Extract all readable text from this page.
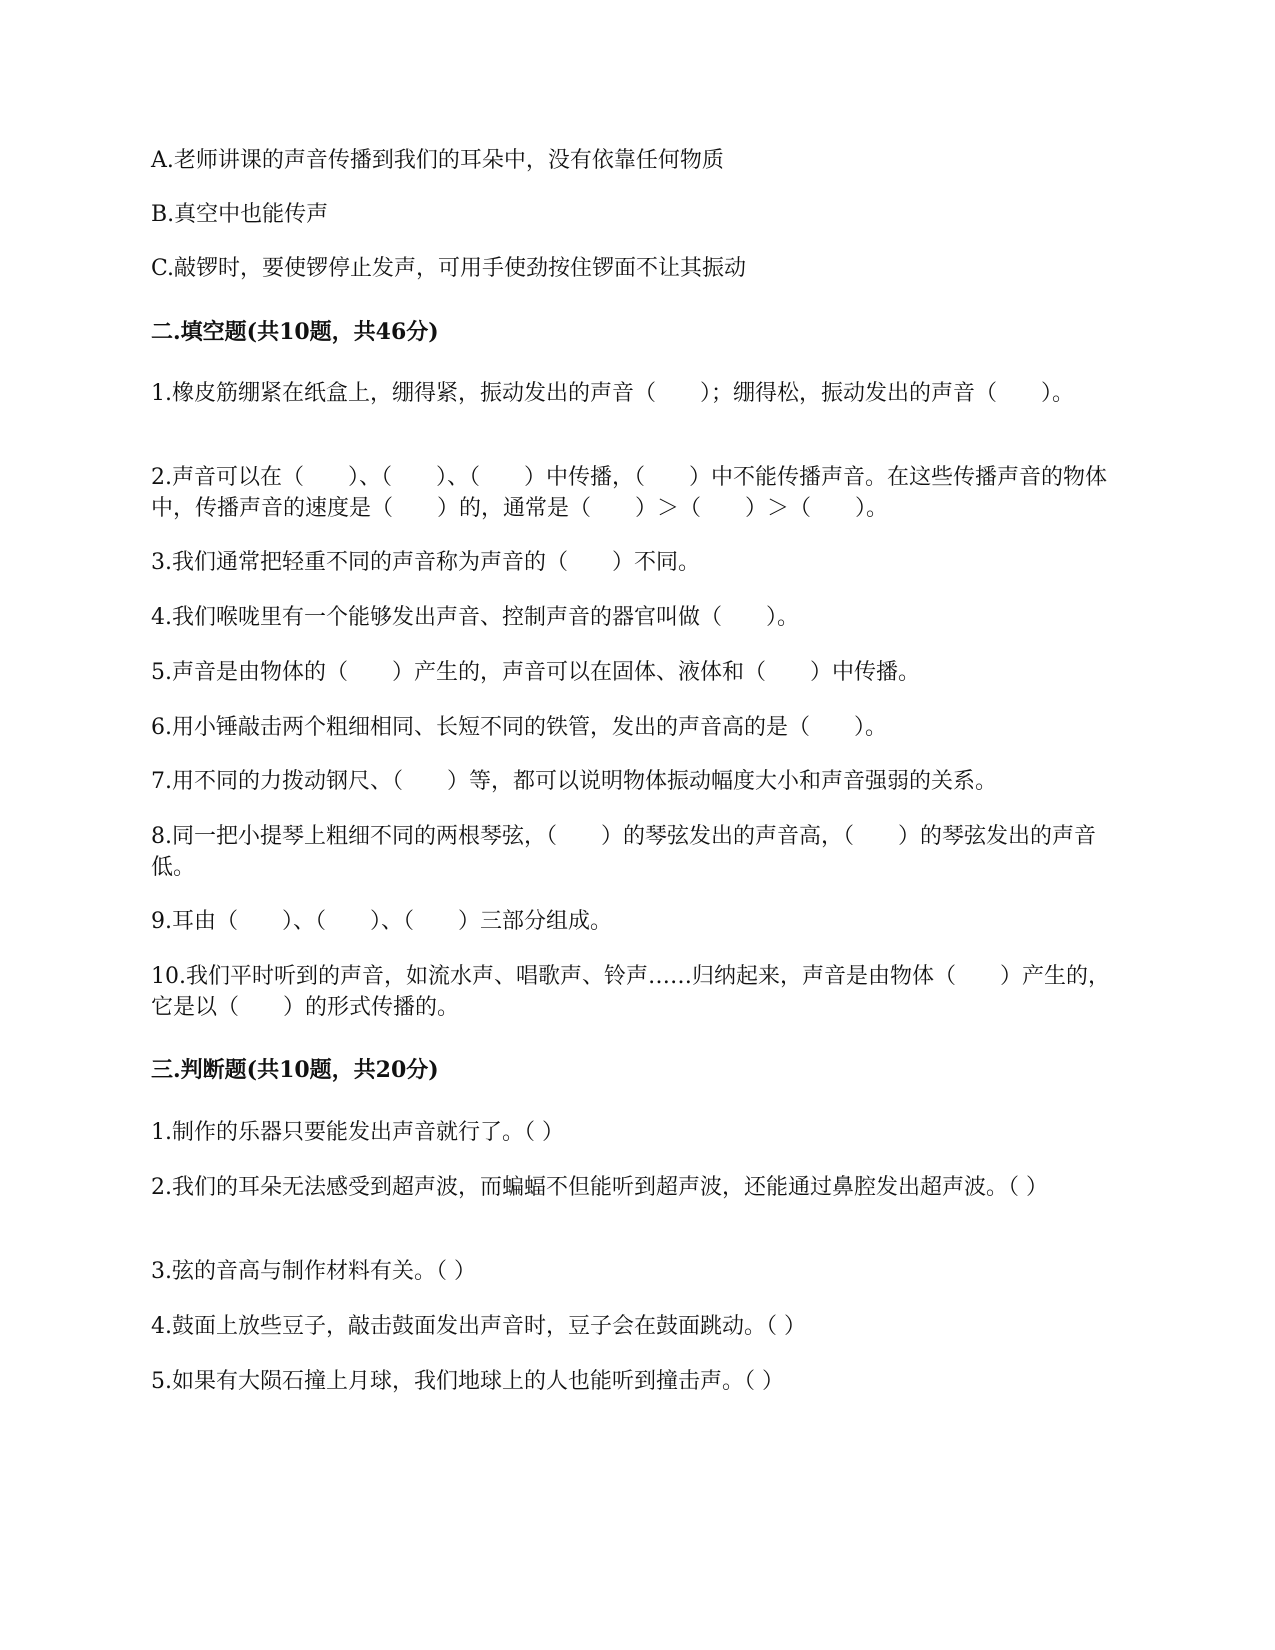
A.老师讲课的声音传播到我们的耳朵中，没有依靠任何物质
B.真空中也能传声
C.敲锣时，要使锣停止发声，可用手使劲按住锣面不让其振动
二.填空题(共10题，共46分)
1.橡皮筋绷紧在纸盒上，绷得紧，振动发出的声音（　　）；绷得松，振动发出的声音（　　）。
2.声音可以在（　　）、（　　）、（　　）中传播，（　　）中不能传播声音。在这些传播声音的物体中，传播声音的速度是（　　）的，通常是（　　）＞（　　）＞（　　）。
3.我们通常把轻重不同的声音称为声音的（　　）不同。
4.我们喉咙里有一个能够发出声音、控制声音的器官叫做（　　）。
5.声音是由物体的（　　）产生的，声音可以在固体、液体和（　　）中传播。
6.用小锤敲击两个粗细相同、长短不同的铁管，发出的声音高的是（　　）。
7.用不同的力拨动钢尺、（　　）等，都可以说明物体振动幅度大小和声音强弱的关系。
8.同一把小提琴上粗细不同的两根琴弦，（　　）的琴弦发出的声音高，（　　）的琴弦发出的声音低。
9.耳由（　　）、（　　）、（　　）三部分组成。
10.我们平时听到的声音，如流水声、唱歌声、铃声……归纳起来，声音是由物体（　　）产生的，它是以（　　）的形式传播的。
三.判断题(共10题，共20分)
1.制作的乐器只要能发出声音就行了。（ ）
2.我们的耳朵无法感受到超声波，而蝙蝠不但能听到超声波，还能通过鼻腔发出超声波。（ ）
3.弦的音高与制作材料有关。（ ）
4.鼓面上放些豆子，敲击鼓面发出声音时，豆子会在鼓面跳动。（ ）
5.如果有大陨石撞上月球，我们地球上的人也能听到撞击声。（ ）
